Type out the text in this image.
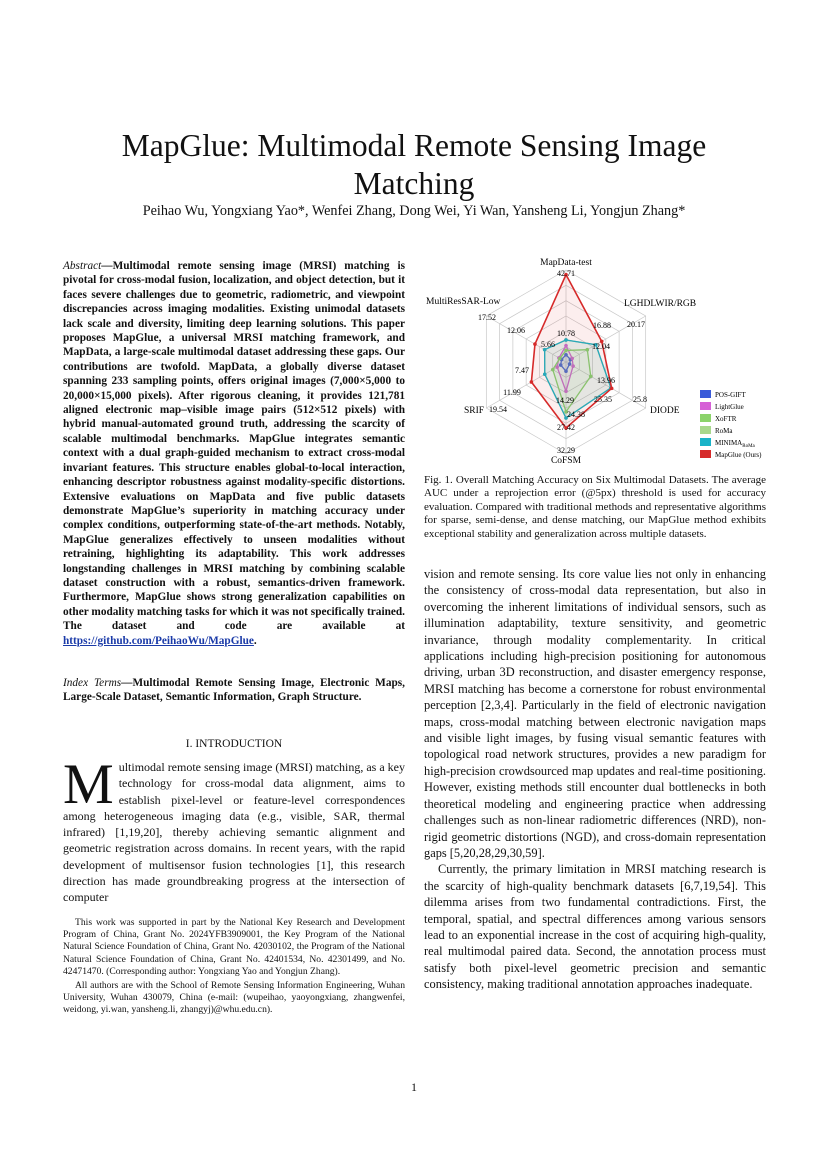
MapGlue: Multimodal Remote Sensing Image Matching
Peihao Wu, Yongxiang Yao*, Wenfei Zhang, Dong Wei, Yi Wan, Yansheng Li, Yongjun Zhang*
Abstract—Multimodal remote sensing image (MRSI) matching is pivotal for cross-modal fusion, localization, and object detection, but it faces severe challenges due to geometric, radiometric, and viewpoint discrepancies across imaging modalities. Existing unimodal datasets lack scale and diversity, limiting deep learning solutions. This paper proposes MapGlue, a universal MRSI matching framework, and MapData, a large-scale multimodal dataset addressing these gaps. Our contributions are twofold. MapData, a globally diverse dataset spanning 233 sampling points, offers original images (7,000×5,000 to 20,000×15,000 pixels). After rigorous cleaning, it provides 121,781 aligned electronic map–visible image pairs (512×512 pixels) with hybrid manual-automated ground truth, addressing the scarcity of scalable multimodal benchmarks. MapGlue integrates semantic context with a dual graph-guided mechanism to extract cross-modal invariant features. This structure enables global-to-local interaction, enhancing descriptor robustness against modality-specific distortions. Extensive evaluations on MapData and five public datasets demonstrate MapGlue’s superiority in matching accuracy under complex conditions, outperforming state-of-the-art methods. Notably, MapGlue generalizes effectively to unseen modalities without retraining, highlighting its adaptability. This work addresses longstanding challenges in MRSI matching by combining scalable dataset construction with a robust, semantics-driven framework. Furthermore, MapGlue shows strong generalization capabilities on other modality matching tasks for which it was not specifically trained. The dataset and code are available at https://github.com/PeihaoWu/MapGlue.
Index Terms—Multimodal Remote Sensing Image, Electronic Maps, Large-Scale Dataset, Semantic Information, Graph Structure.
I. INTRODUCTION
Multimodal remote sensing image (MRSI) matching, as a key technology for cross-modal data alignment, aims to establish pixel-level or feature-level correspondences among heterogeneous imaging data (e.g., visible, SAR, thermal infrared) [1,19,20], thereby achieving semantic alignment and geometric registration across domains. In recent years, with the rapid development of multisensor fusion technologies [1], this research direction has made groundbreaking progress at the intersection of computer

This work was supported in part by the National Key Research and Development Program of China, Grant No. 2024YFB3909001, the Key Program of the National Natural Science Foundation of China, Grant No. 42030102, the Program of the National Natural Science Foundation of China, Grant No. 42401534, No. 42301499, and No. 42471470. (Corresponding author: Yongxiang Yao and Yongjun Zhang).

All authors are with the School of Remote Sensing Information Engineering, Wuhan University, Wuhan 430079, China (e-mail: (wupeihao, yaoyongxiang, zhangwenfei, weidong, yi.wan, yansheng.li, zhangyj)@whu.edu.cn).

MapData-test
LGHDLWIR/RGB
DIODE
CoFSM
SRIF
MultiResSAR-Low
42.71
20.17
25.8
32.29
19.54
17.52
10.78
16.88
25.35
27.42
11.99
12.06
5.66	12.04
13.96
24.38
7.47
14.29
POS-GIFT
LightGlue
XoFTR
RoMa
$MINIMA_{RoMa}$
MapGlue (Ours)
Fig. 1. Overall Matching Accuracy on Six Multimodal Datasets. The average AUC under a reprojection error (@5px) threshold is used for accuracy evaluation. Compared with traditional methods and representative algorithms for sparse, semi-dense, and dense matching, our MapGlue method exhibits exceptional stability and generalization across multiple datasets.

vision and remote sensing. Its core value lies not only in enhancing the consistency of cross-modal data representation, but also in overcoming the inherent limitations of individual sensors, such as illumination adaptability, texture sensitivity, and geometric invariance, through modality complementarity. In critical applications including high-precision positioning for autonomous driving, urban 3D reconstruction, and disaster emergency response, MRSI matching has become a cornerstone for robust environmental perception [2,3,4]. Particularly in the field of electronic navigation maps, cross-modal matching between electronic navigation maps and visible light images, by fusing visual semantic features with topological road network structures, provides a new paradigm for high-precision crowdsourced map updates and real-time positioning. However, existing methods still encounter dual bottlenecks in both theoretical modeling and engineering practice when addressing challenges such as non-linear radiometric differences (NRD), non-rigid geometric distortions (NGD), and cross-domain representation gaps [5,20,28,29,30,59].

Currently, the primary limitation in MRSI matching research is the scarcity of high-quality benchmark datasets [6,7,19,54]. This dilemma arises from two fundamental contradictions. First, the temporal, spatial, and spectral differences among various sensors lead to an exponential increase in the cost of acquiring high-quality, real multimodal paired data. Second, the annotation process must satisfy both pixel-level geometric precision and semantic consistency, making traditional annotation approaches inadequate.

1
